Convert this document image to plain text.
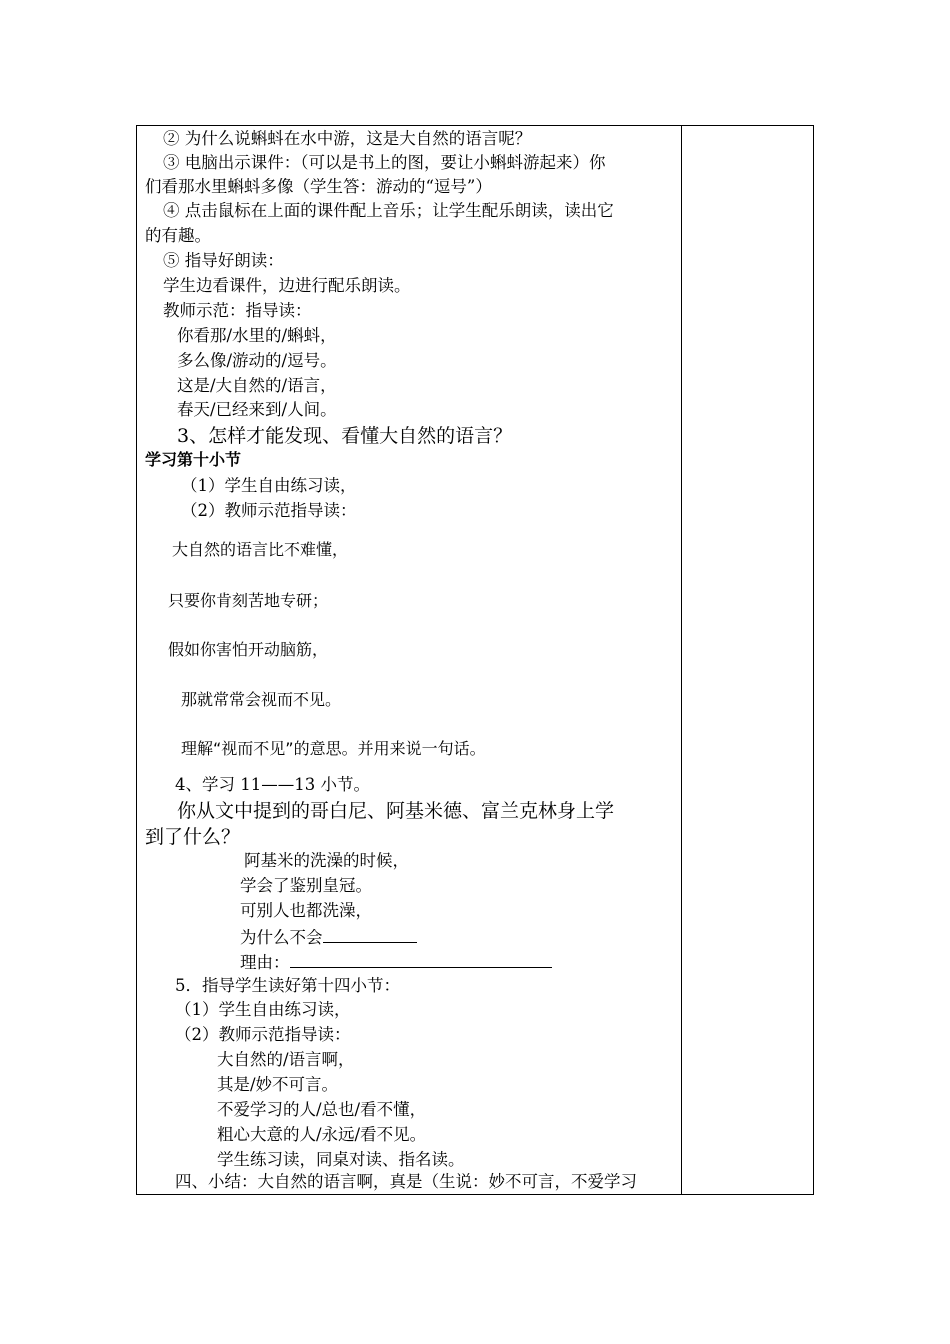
② 为什么说蝌蚪在水中游，这是大自然的语言呢？
③ 电脑出示课件：（可以是书上的图，要让小蝌蚪游起来）你
们看那水里蝌蚪多像（学生答：游动的“逗号”）
④ 点击鼠标在上面的课件配上音乐；让学生配乐朗读，读出它
的有趣。
⑤ 指导好朗读：
学生边看课件，边进行配乐朗读。
教师示范：指导读：
你看那/水里的/蝌蚪，
多么像/游动的/逗号。
这是/大自然的/语言，
春天/已经来到/人间。
3、怎样才能发现、看懂大自然的语言？
学习第十小节
（1）学生自由练习读，
（2）教师示范指导读：
大自然的语言比不难懂，
只要你肯刻苦地专研；
假如你害怕开动脑筋，
那就常常会视而不见。
理解“视而不见”的意思。并用来说一句话。
4、学习 11——13 小节。
你从文中提到的哥白尼、阿基米德、富兰克林身上学
到了什么？
阿基米的洗澡的时候，
学会了鉴别皇冠。
可别人也都洗澡，
为什么不会
理由：
5．指导学生读好第十四小节：
（1）学生自由练习读，
（2）教师示范指导读：
大自然的/语言啊，
其是/妙不可言。
不爱学习的人/总也/看不懂，
粗心大意的人/永远/看不见。
学生练习读，同桌对读、指名读。
四、小结：大自然的语言啊，真是（生说：妙不可言，不爱学习
